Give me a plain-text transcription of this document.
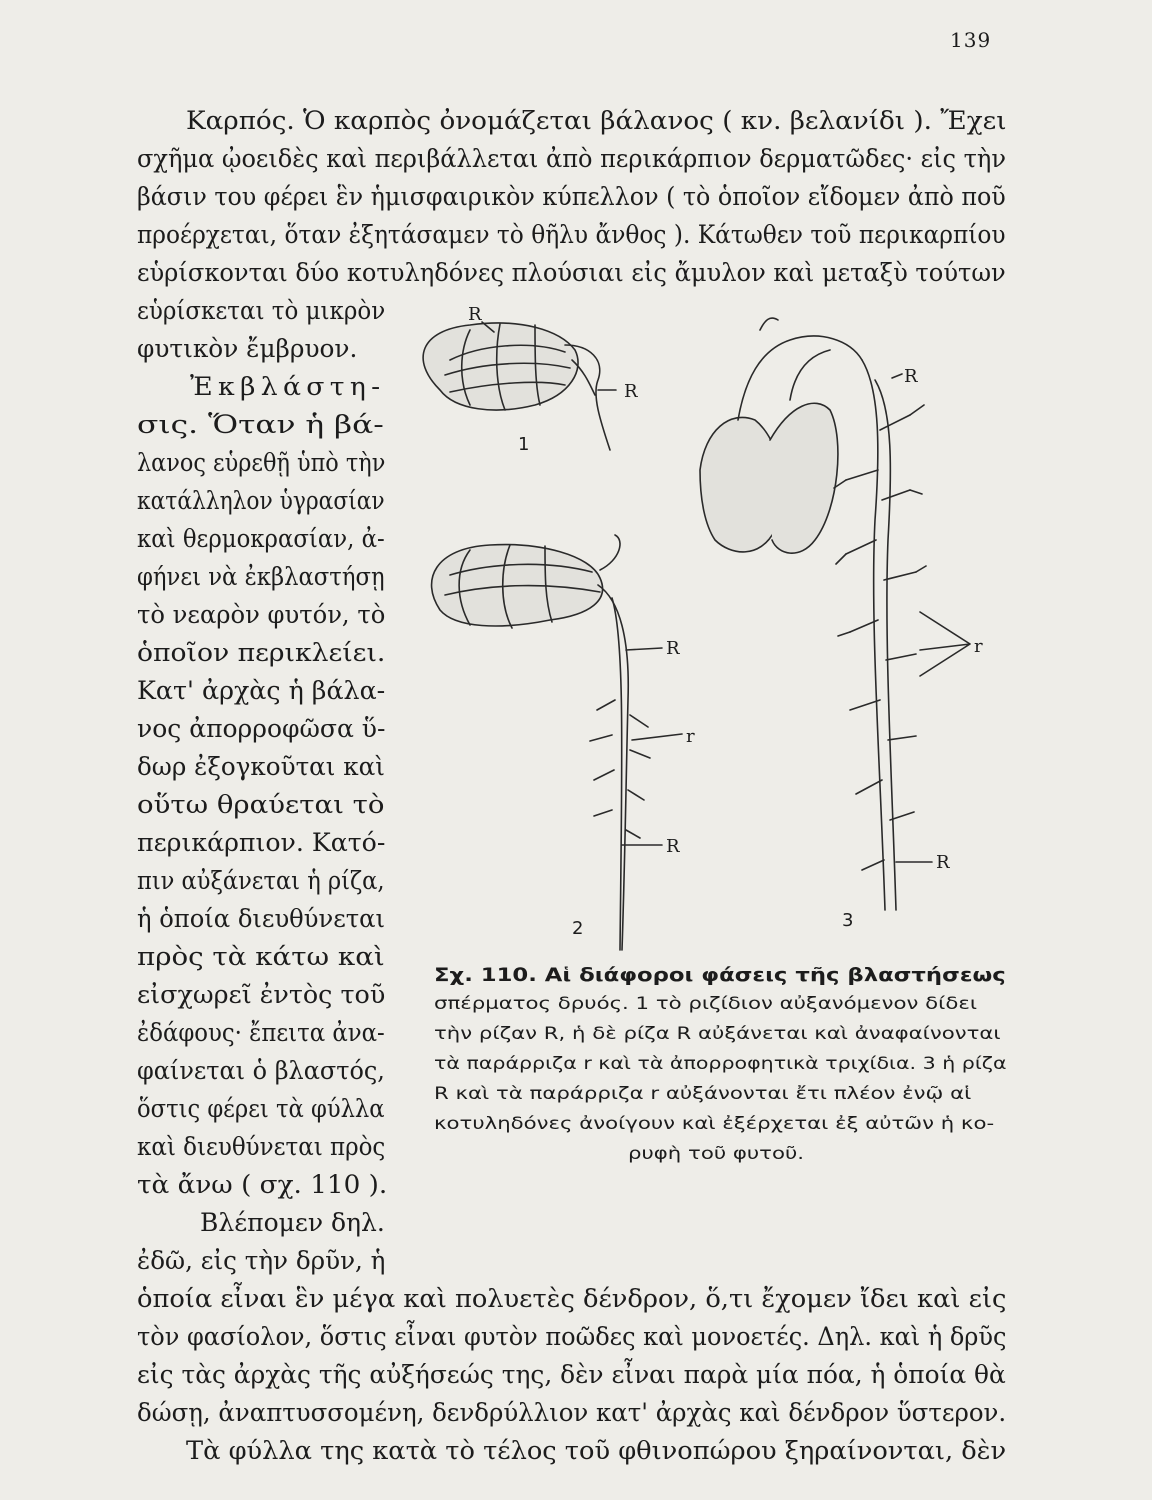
139
Καρπός. Ὁ καρπὸς ὀνομάζεται βάλανος ( κν. βελανίδι ). Ἔχει
σχῆμα ᾠοειδὲς καὶ περιβάλλεται ἀπὸ περικάρπιον δερματῶδες· εἰς τὴν
βάσιν του φέρει ἓν ἡμισφαιρικὸν κύπελλον ( τὸ ὁποῖον εἴδομεν ἀπὸ ποῦ
προέρχεται, ὅταν ἐξητάσαμεν τὸ θῆλυ ἄνθος ). Κάτωθεν τοῦ περικαρπίου
εὑρίσκονται δύο κοτυληδόνες πλούσιαι εἰς ἄμυλον καὶ μεταξὺ τούτων
εὑρίσκεται τὸ μικρὸν
φυτικὸν ἔμβρυον.
Ἐκβλάστη-
σις. Ὅταν ἡ βά-
λανος εὑρεθῇ ὑπὸ τὴν
κατάλληλον ὑγρασίαν
καὶ θερμοκρασίαν, ἀ-
φήνει νὰ ἐκβλαστήσῃ
τὸ νεαρὸν φυτόν, τὸ
ὁποῖον περικλείει.
Κατ' ἀρχὰς ἡ βάλα-
νος ἀπορροφῶσα ὕ-
δωρ ἐξογκοῦται καὶ
οὕτω θραύεται τὸ
περικάρπιον. Κατό-
πιν αὐξάνεται ἡ ρίζα,
ἡ ὁποία διευθύνεται
πρὸς τὰ κάτω καὶ
εἰσχωρεῖ ἐντὸς τοῦ
ἐδάφους· ἔπειτα ἀνα-
φαίνεται ὁ βλαστός,
ὅστις φέρει τὰ φύλλα
καὶ διευθύνεται πρὸς
τὰ ἄνω ( σχ. 110 ).
Βλέπομεν δηλ.
ἐδῶ, εἰς τὴν δρῦν, ἡ
ὁποία εἶναι ἓν μέγα καὶ πολυετὲς δένδρον, ὅ,τι ἔχομεν ἴδει καὶ εἰς
τὸν φασίολον, ὅστις εἶναι φυτὸν ποῶδες καὶ μονοετές. Δηλ. καὶ ἡ δρῦς
εἰς τὰς ἀρχὰς τῆς αὐξήσεώς της, δὲν εἶναι παρὰ μία πόα, ἡ ὁποία θὰ
δώσῃ, ἀναπτυσσομένη, δενδρύλλιον κατ' ἀρχὰς καὶ δένδρον ὕστερον.
Τὰ φύλλα της κατὰ τὸ τέλος τοῦ φθινοπώρου ξηραίνονται, δὲν
R
R
1
R
r
R
2
R
r
R
3
Σχ. 110. Αἱ διάφοροι φάσεις τῆς βλαστήσεως
σπέρματος δρυός. 1 τὸ ριζίδιον αὐξανόμενον δίδει
τὴν ρίζαν R, ἡ δὲ ρίζα R αὐξάνεται καὶ ἀναφαίνονται
τὰ παράρριζα r καὶ τὰ ἀπορροφητικὰ τριχίδια. 3 ἡ ρίζα
R καὶ τὰ παράρριζα r αὐξάνονται ἔτι πλέον ἐνῷ αἱ
κοτυληδόνες ἀνοίγουν καὶ ἐξέρχεται ἐξ αὐτῶν ἡ κο-
ρυφὴ τοῦ φυτοῦ.
